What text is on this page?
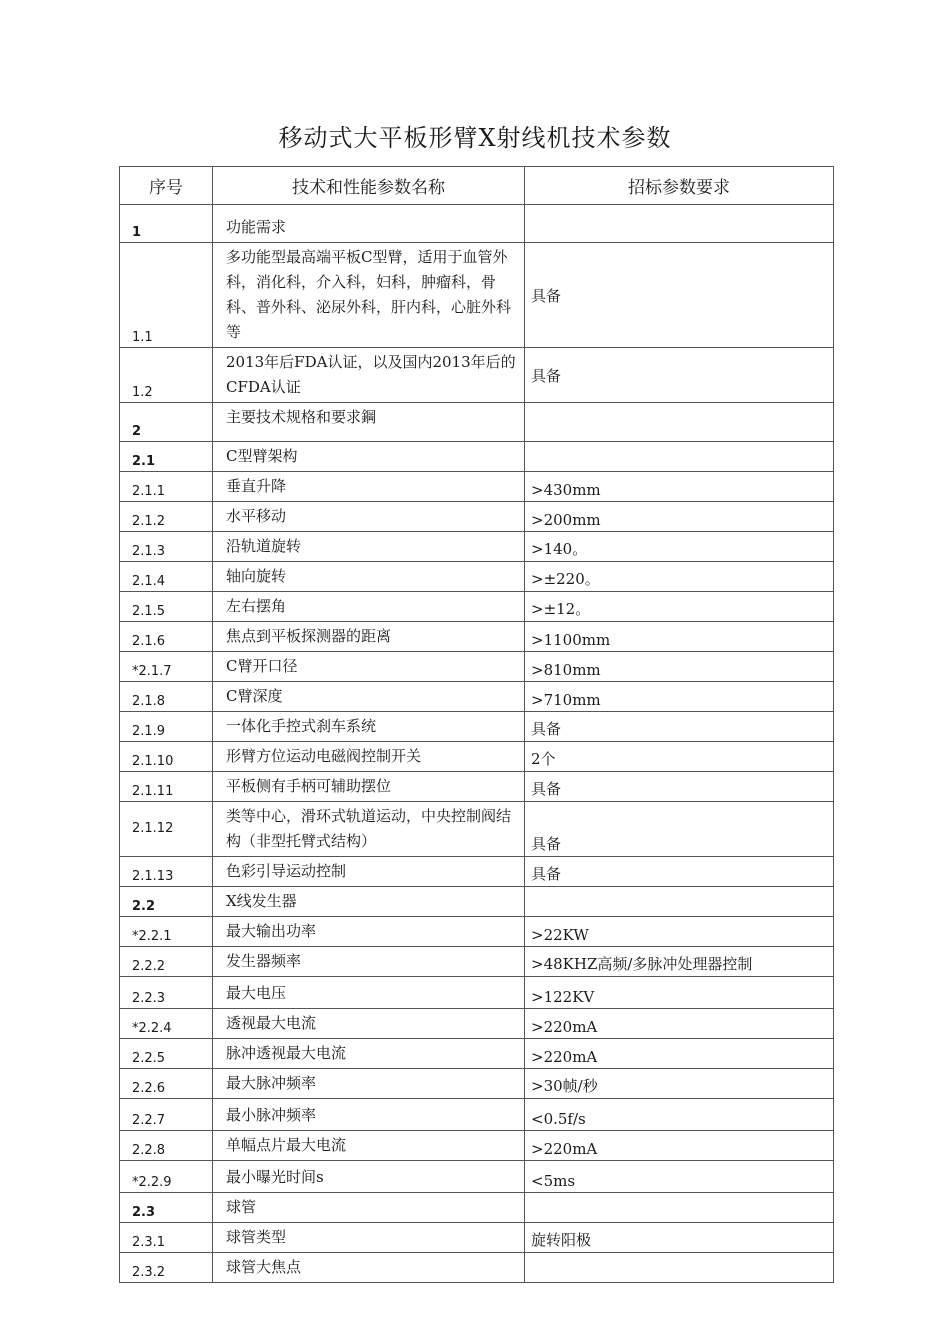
移动式大平板形臂X射线机技术参数
序号	技术和性能参数名称	招标参数要求
1	功能需求	
1.1	多功能型最高端平板C型臂，适用于血管外科，消化科，介入科，妇科，肿瘤科，骨科、普外科、泌尿外科，肝内科，心脏外科等	具备
1.2	2013年后FDA认证，以及国内2013年后的CFDA认证	具备
2	主要技术规格和要求鋼	
2.1	C型臂架构	
2.1.1	垂直升降	>430mm
2.1.2	水平移动	>200mm
2.1.3	沿轨道旋转	>140。
2.1.4	轴向旋转	>±220。
2.1.5	左右摆角	>±12。
2.1.6	焦点到平板探测器的距离	>1100mm
*2.1.7	C臂开口径	>810mm
2.1.8	C臂深度	>710mm
2.1.9	一体化手控式刹车系统	具备
2.1.10	形臂方位运动电磁阀控制开关	2个
2.1.11	平板侧有手柄可辅助摆位	具备
2.1.12	类等中心，滑环式轨道运动，中央控制阀结构（非型托臂式结构）	具备
2.1.13	色彩引导运动控制	具备
2.2	X线发生器	
*2.2.1	最大输出功率	>22KW
2.2.2	发生器频率	>48KHZ高频/多脉冲处理器控制
2.2.3	最大电压	>122KV
*2.2.4	透视最大电流	>220mA
2.2.5	脉冲透视最大电流	>220mA
2.2.6	最大脉冲频率	>30帧/秒
2.2.7	最小脉冲频率	<0.5f/s
2.2.8	单幅点片最大电流	>220mA
*2.2.9	最小曝光时间s	<5ms
2.3	球管	
2.3.1	球管类型	旋转阳极
2.3.2	球管大焦点	
